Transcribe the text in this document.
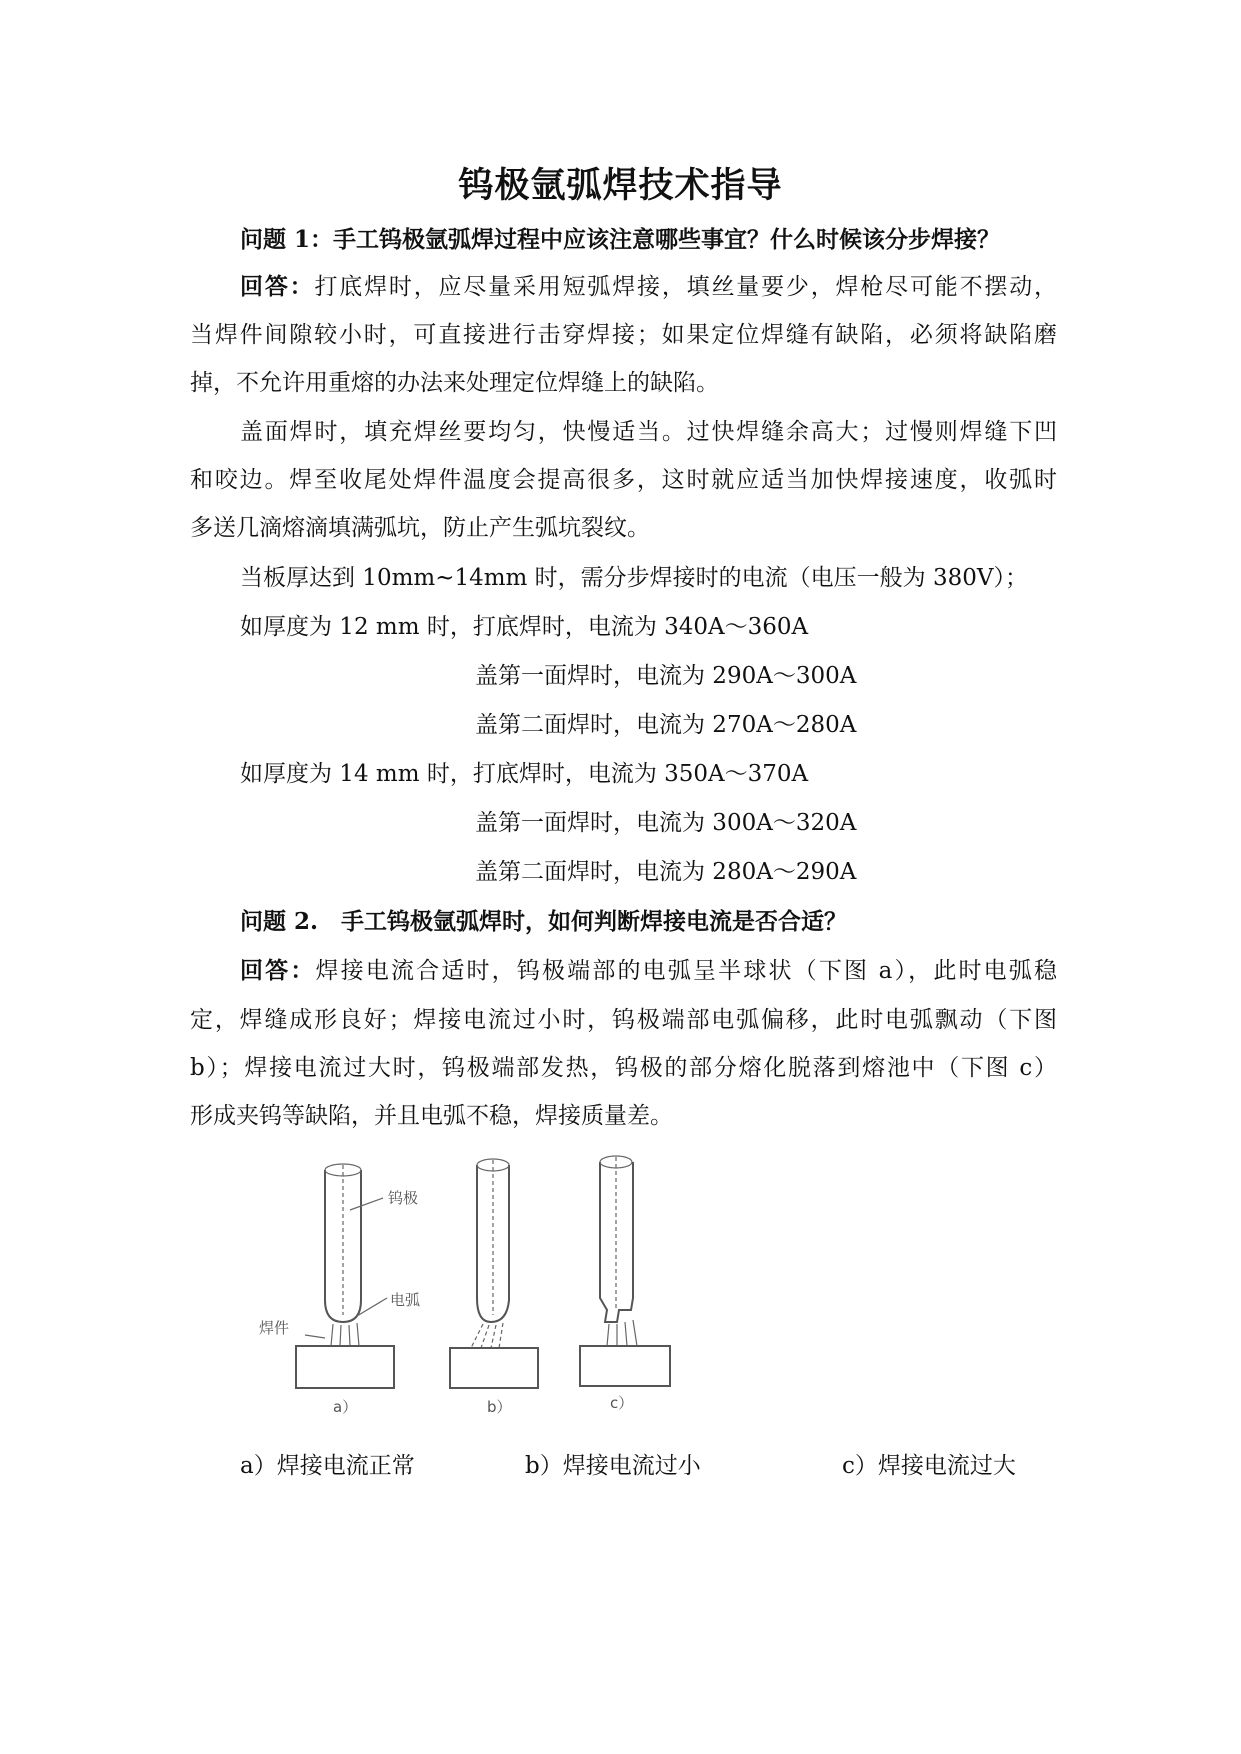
钨极氩弧焊技术指导
问题 1：手工钨极氩弧焊过程中应该注意哪些事宜？什么时候该分步焊接？
回答：打底焊时，应尽量采用短弧焊接，填丝量要少，焊枪尽可能不摆动，
当焊件间隙较小时，可直接进行击穿焊接；如果定位焊缝有缺陷，必须将缺陷磨
掉，不允许用重熔的办法来处理定位焊缝上的缺陷。
盖面焊时，填充焊丝要均匀，快慢适当。过快焊缝余高大；过慢则焊缝下凹
和咬边。焊至收尾处焊件温度会提高很多，这时就应适当加快焊接速度，收弧时
多送几滴熔滴填满弧坑，防止产生弧坑裂纹。
当板厚达到 10mm~14mm 时，需分步焊接时的电流（电压一般为 380V）；
如厚度为 12 mm 时，打底焊时，电流为 340A～360A
盖第一面焊时，电流为 290A～300A
盖第二面焊时，电流为 270A～280A
如厚度为 14 mm 时，打底焊时，电流为 350A～370A
盖第一面焊时，电流为 300A～320A
盖第二面焊时，电流为 280A～290A
问题 2.　手工钨极氩弧焊时，如何判断焊接电流是否合适？
回答：焊接电流合适时，钨极端部的电弧呈半球状（下图 a），此时电弧稳
定，焊缝成形良好；焊接电流过小时，钨极端部电弧偏移，此时电弧飘动（下图
b）；焊接电流过大时，钨极端部发热，钨极的部分熔化脱落到熔池中（下图 c）
形成夹钨等缺陷，并且电弧不稳，焊接质量差。
钨极
电弧
焊件
a）	b）	c）
a）焊接电流正常	b）焊接电流过小	c）焊接电流过大
